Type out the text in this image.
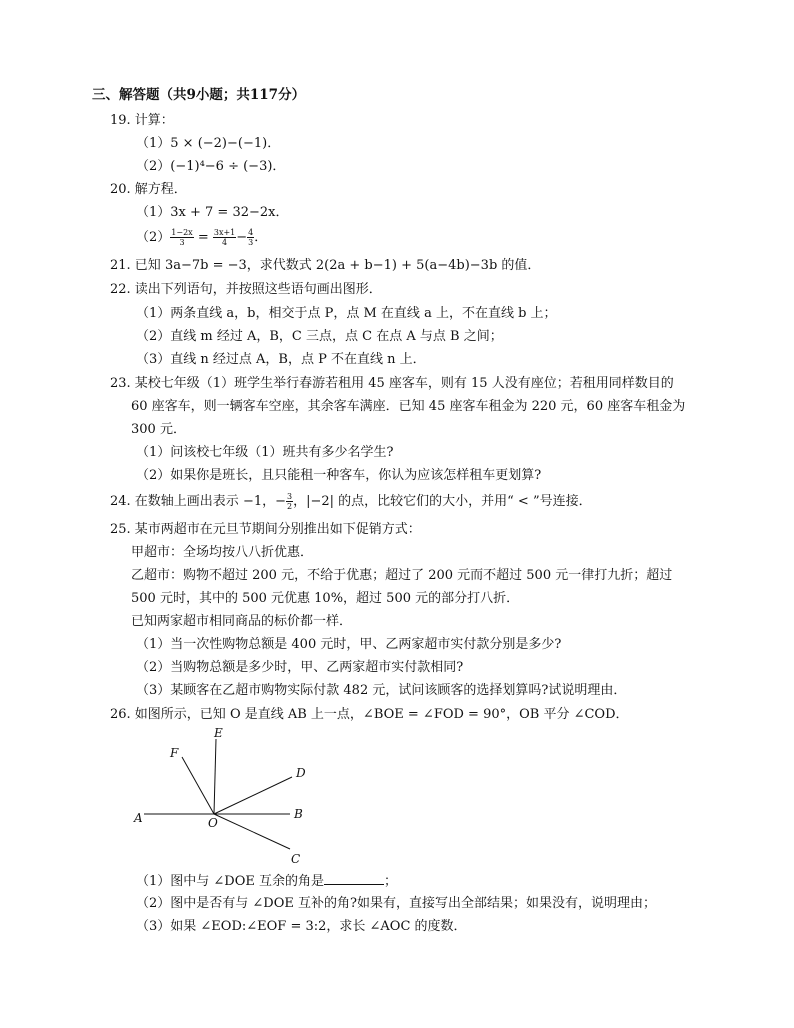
三、解答题（共9小题；共117分）
19. 计算：
（1）5 × (−2)−(−1)．
（2）(−1)⁴−6 ÷ (−3)．
20. 解方程．
（1）3x + 7 = 32−2x．
$(2) \frac{1-2x}{3} = \frac{3x+1}{4} - \frac{4}{3}$ ．
21. 已知 3a−7b = −3，求代数式 2(2a + b−1) + 5(a−4b)−3b 的值．
22. 读出下列语句，并按照这些语句画出图形．
（1）两条直线 a，b，相交于点 P，点 M 在直线 a 上，不在直线 b 上；
（2）直线 m 经过 A，B，C 三点，点 C 在点 A 与点 B 之间；
（3）直线 n 经过点 A，B，点 P 不在直线 n 上．
23. 某校七年级（1）班学生举行春游若租用 45 座客车，则有 15 人没有座位；若租用同样数目的
60 座客车，则一辆客车空座，其余客车满座．已知 45 座客车租金为 220 元，60 座客车租金为
300 元．
（1）问该校七年级（1）班共有多少名学生?
（2）如果你是班长，且只能租一种客车，你认为应该怎样租车更划算?
24. 在数轴上画出表示 −1，− $\frac{3}{2}$ ，|−2| 的点，比较它们的大小，并用“ < ”号连接．
25. 某市两超市在元旦节期间分别推出如下促销方式：
甲超市：全场均按八八折优惠．
乙超市：购物不超过 200 元，不给于优惠；超过了 200 元而不超过 500 元一律打九折；超过
500 元时，其中的 500 元优惠 10%，超过 500 元的部分打八折．
已知两家超市相同商品的标价都一样．
（1）当一次性购物总额是 400 元时，甲、乙两家超市实付款分别是多少?
（2）当购物总额是多少时，甲、乙两家超市实付款相同?
（3）某顾客在乙超市购物实际付款 482 元，试问该顾客的选择划算吗?试说明理由．
26. 如图所示，已知 O 是直线 AB 上一点，∠BOE = ∠FOD = 90°，OB 平分 ∠COD．
E
F
D
B
A	O
C
（1）图中与 ∠DOE 互余的角是	；
（2）图中是否有与 ∠DOE 互补的角?如果有，直接写出全部结果；如果没有，说明理由；
（3）如果 ∠EOD:∠EOF = 3:2，求长 ∠AOC 的度数．
